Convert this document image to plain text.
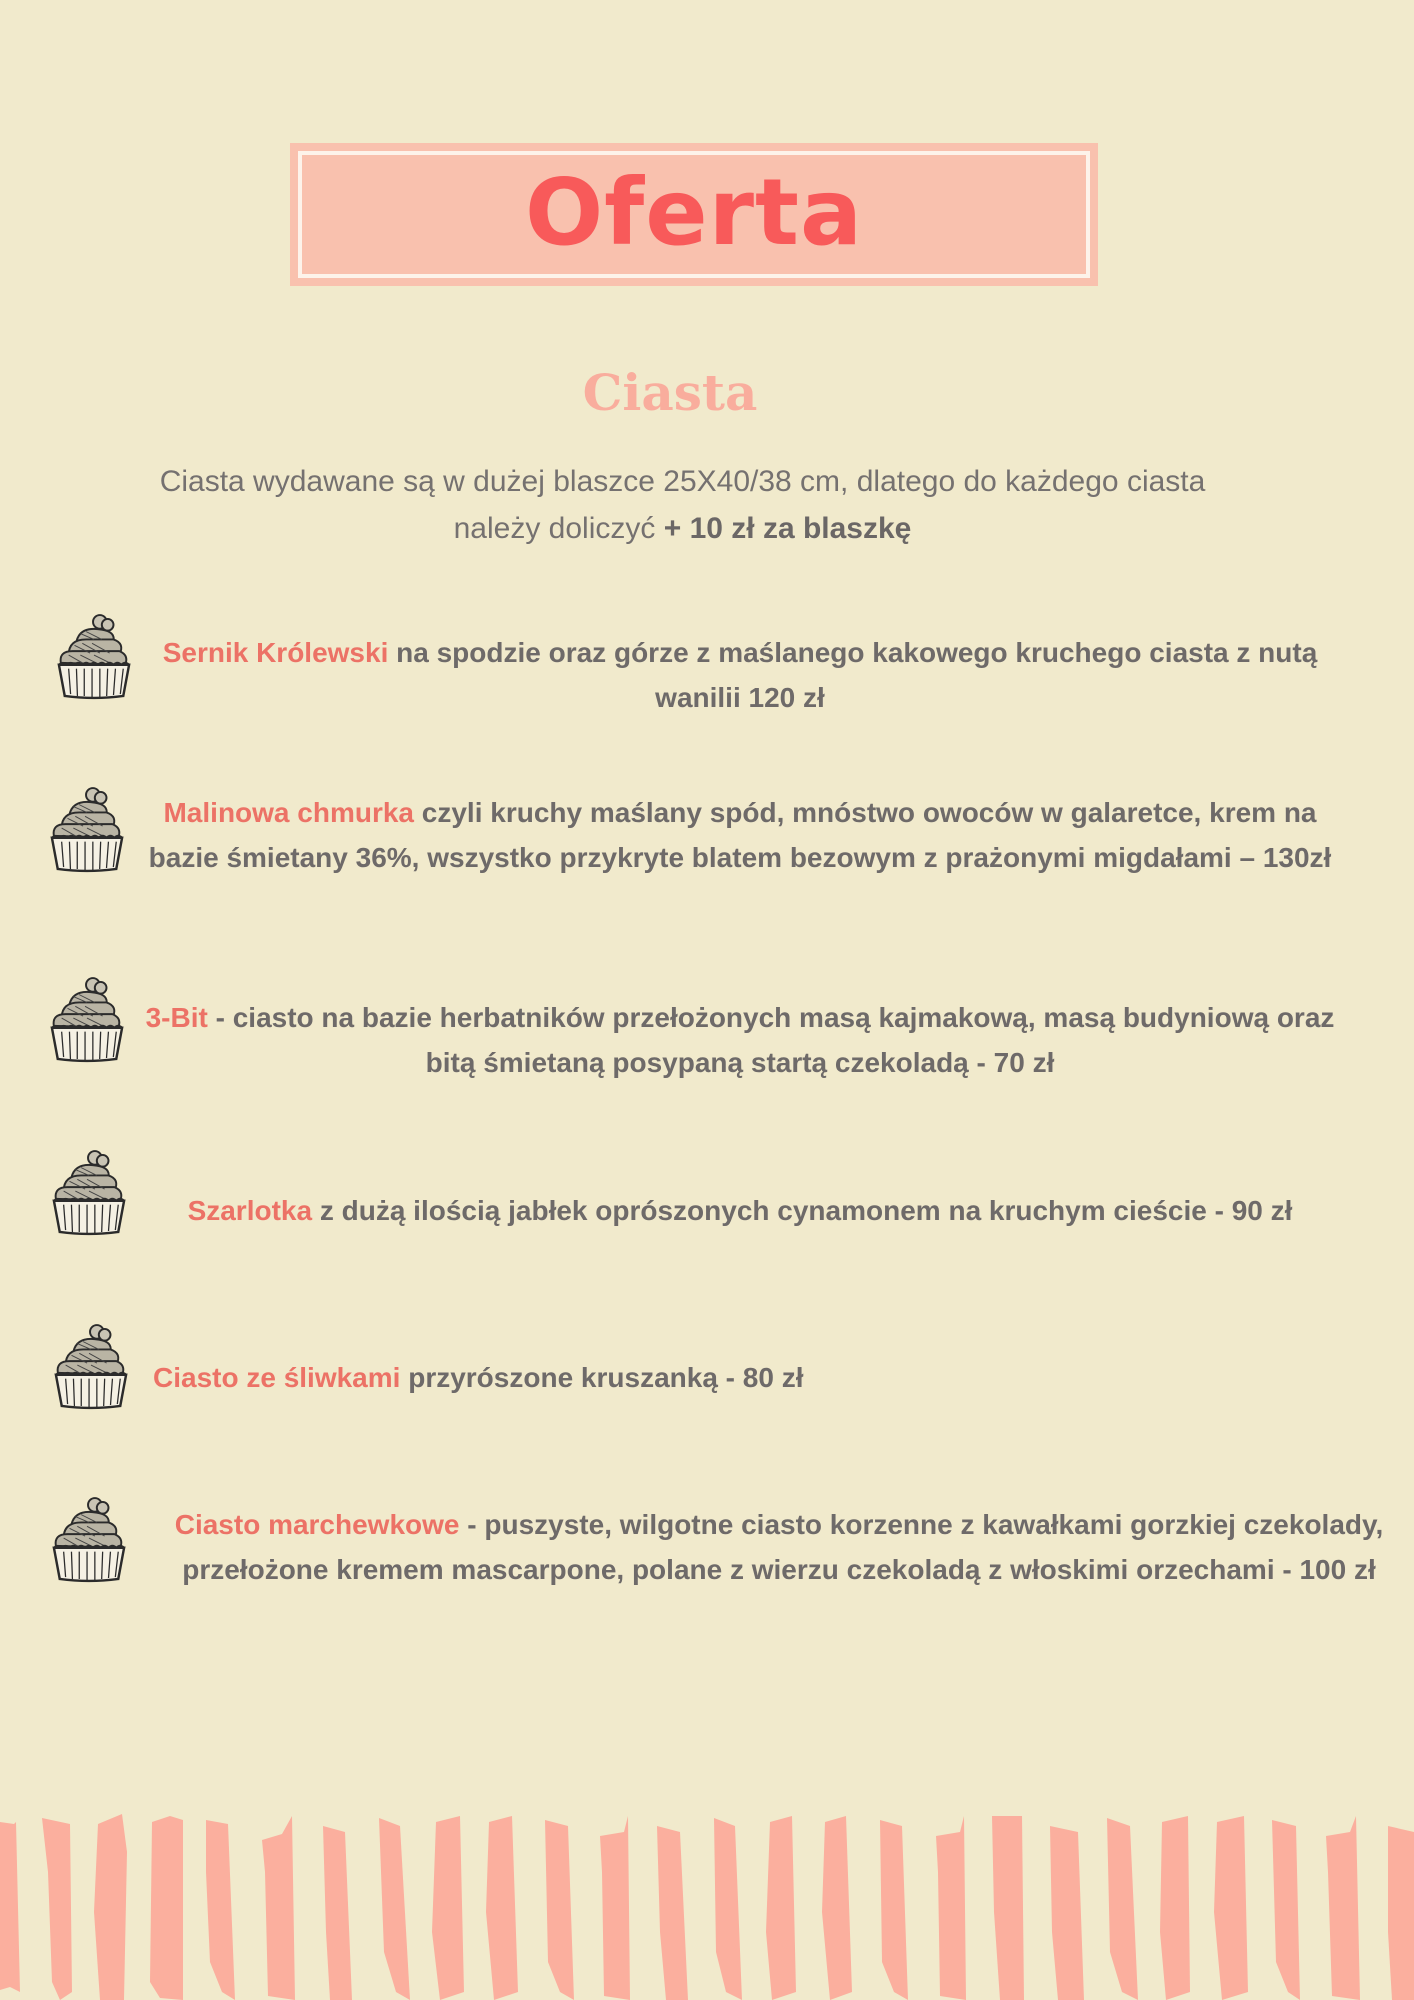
Oferta
Ciasta
Ciasta wydawane są w dużej blaszce 25X40/38 cm, dlatego do każdego ciasta
należy doliczyć + 10 zł za blaszkę
Sernik Królewski na spodzie oraz górze z maślanego kakowego kruchego ciasta z nutą wanilii 120 zł
Malinowa chmurka czyli kruchy maślany spód, mnóstwo owoców w galaretce, krem na bazie śmietany 36%, wszystko przykryte blatem bezowym z prażonymi migdałami – 130zł
3-Bit - ciasto na bazie herbatników przełożonych masą kajmakową, masą budyniową oraz bitą śmietaną posypaną startą czekoladą - 70 zł
Szarlotka z dużą ilością jabłek oprószonych cynamonem na kruchym cieście - 90 zł
Ciasto ze śliwkami przyrószone kruszanką - 80 zł
Ciasto marchewkowe - puszyste, wilgotne ciasto korzenne z kawałkami gorzkiej czekolady, przełożone kremem mascarpone, polane z wierzu czekoladą z włoskimi orzechami - 100 zł
